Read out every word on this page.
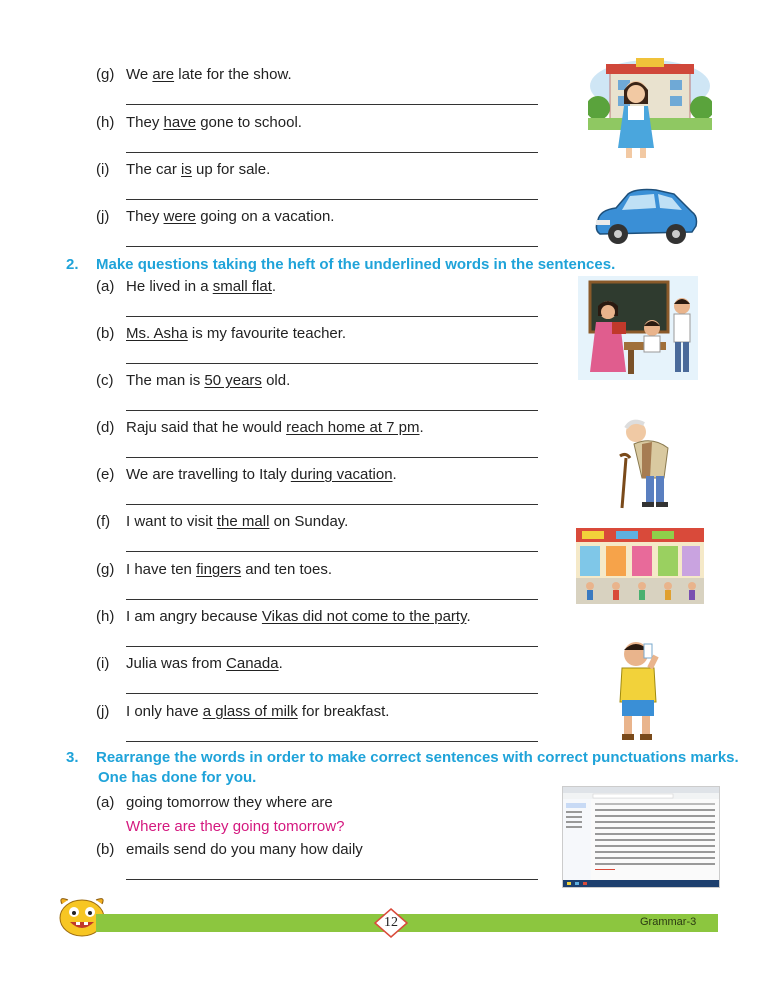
(g) We are late for the show.
(h) They have gone to school.
(i)	The car is up for sale.
(j)	They were going on a vacation.
2. Make questions taking the heft of the underlined words in the sentences.
(a) He lived in a small flat.
(b) Ms. Asha is my favourite teacher.
(c) The man is 50 years old.
(d) Raju said that he would reach home at 7 pm.
(e) We are travelling to Italy during vacation.
(f)	I want to visit the mall on Sunday.
(g) I have ten fingers and ten toes.
(h) I am angry because Vikas did not come to the party.
(i)	Julia was from Canada.
(j)	I only have a glass of milk for breakfast.
3. Rearrange the words in order to make correct sentences with correct punctuations marks.
One has done for you.
(a) going tomorrow they where are
Where are they going tomorrow?
(b) emails send do you many how daily
12	Grammar-3
